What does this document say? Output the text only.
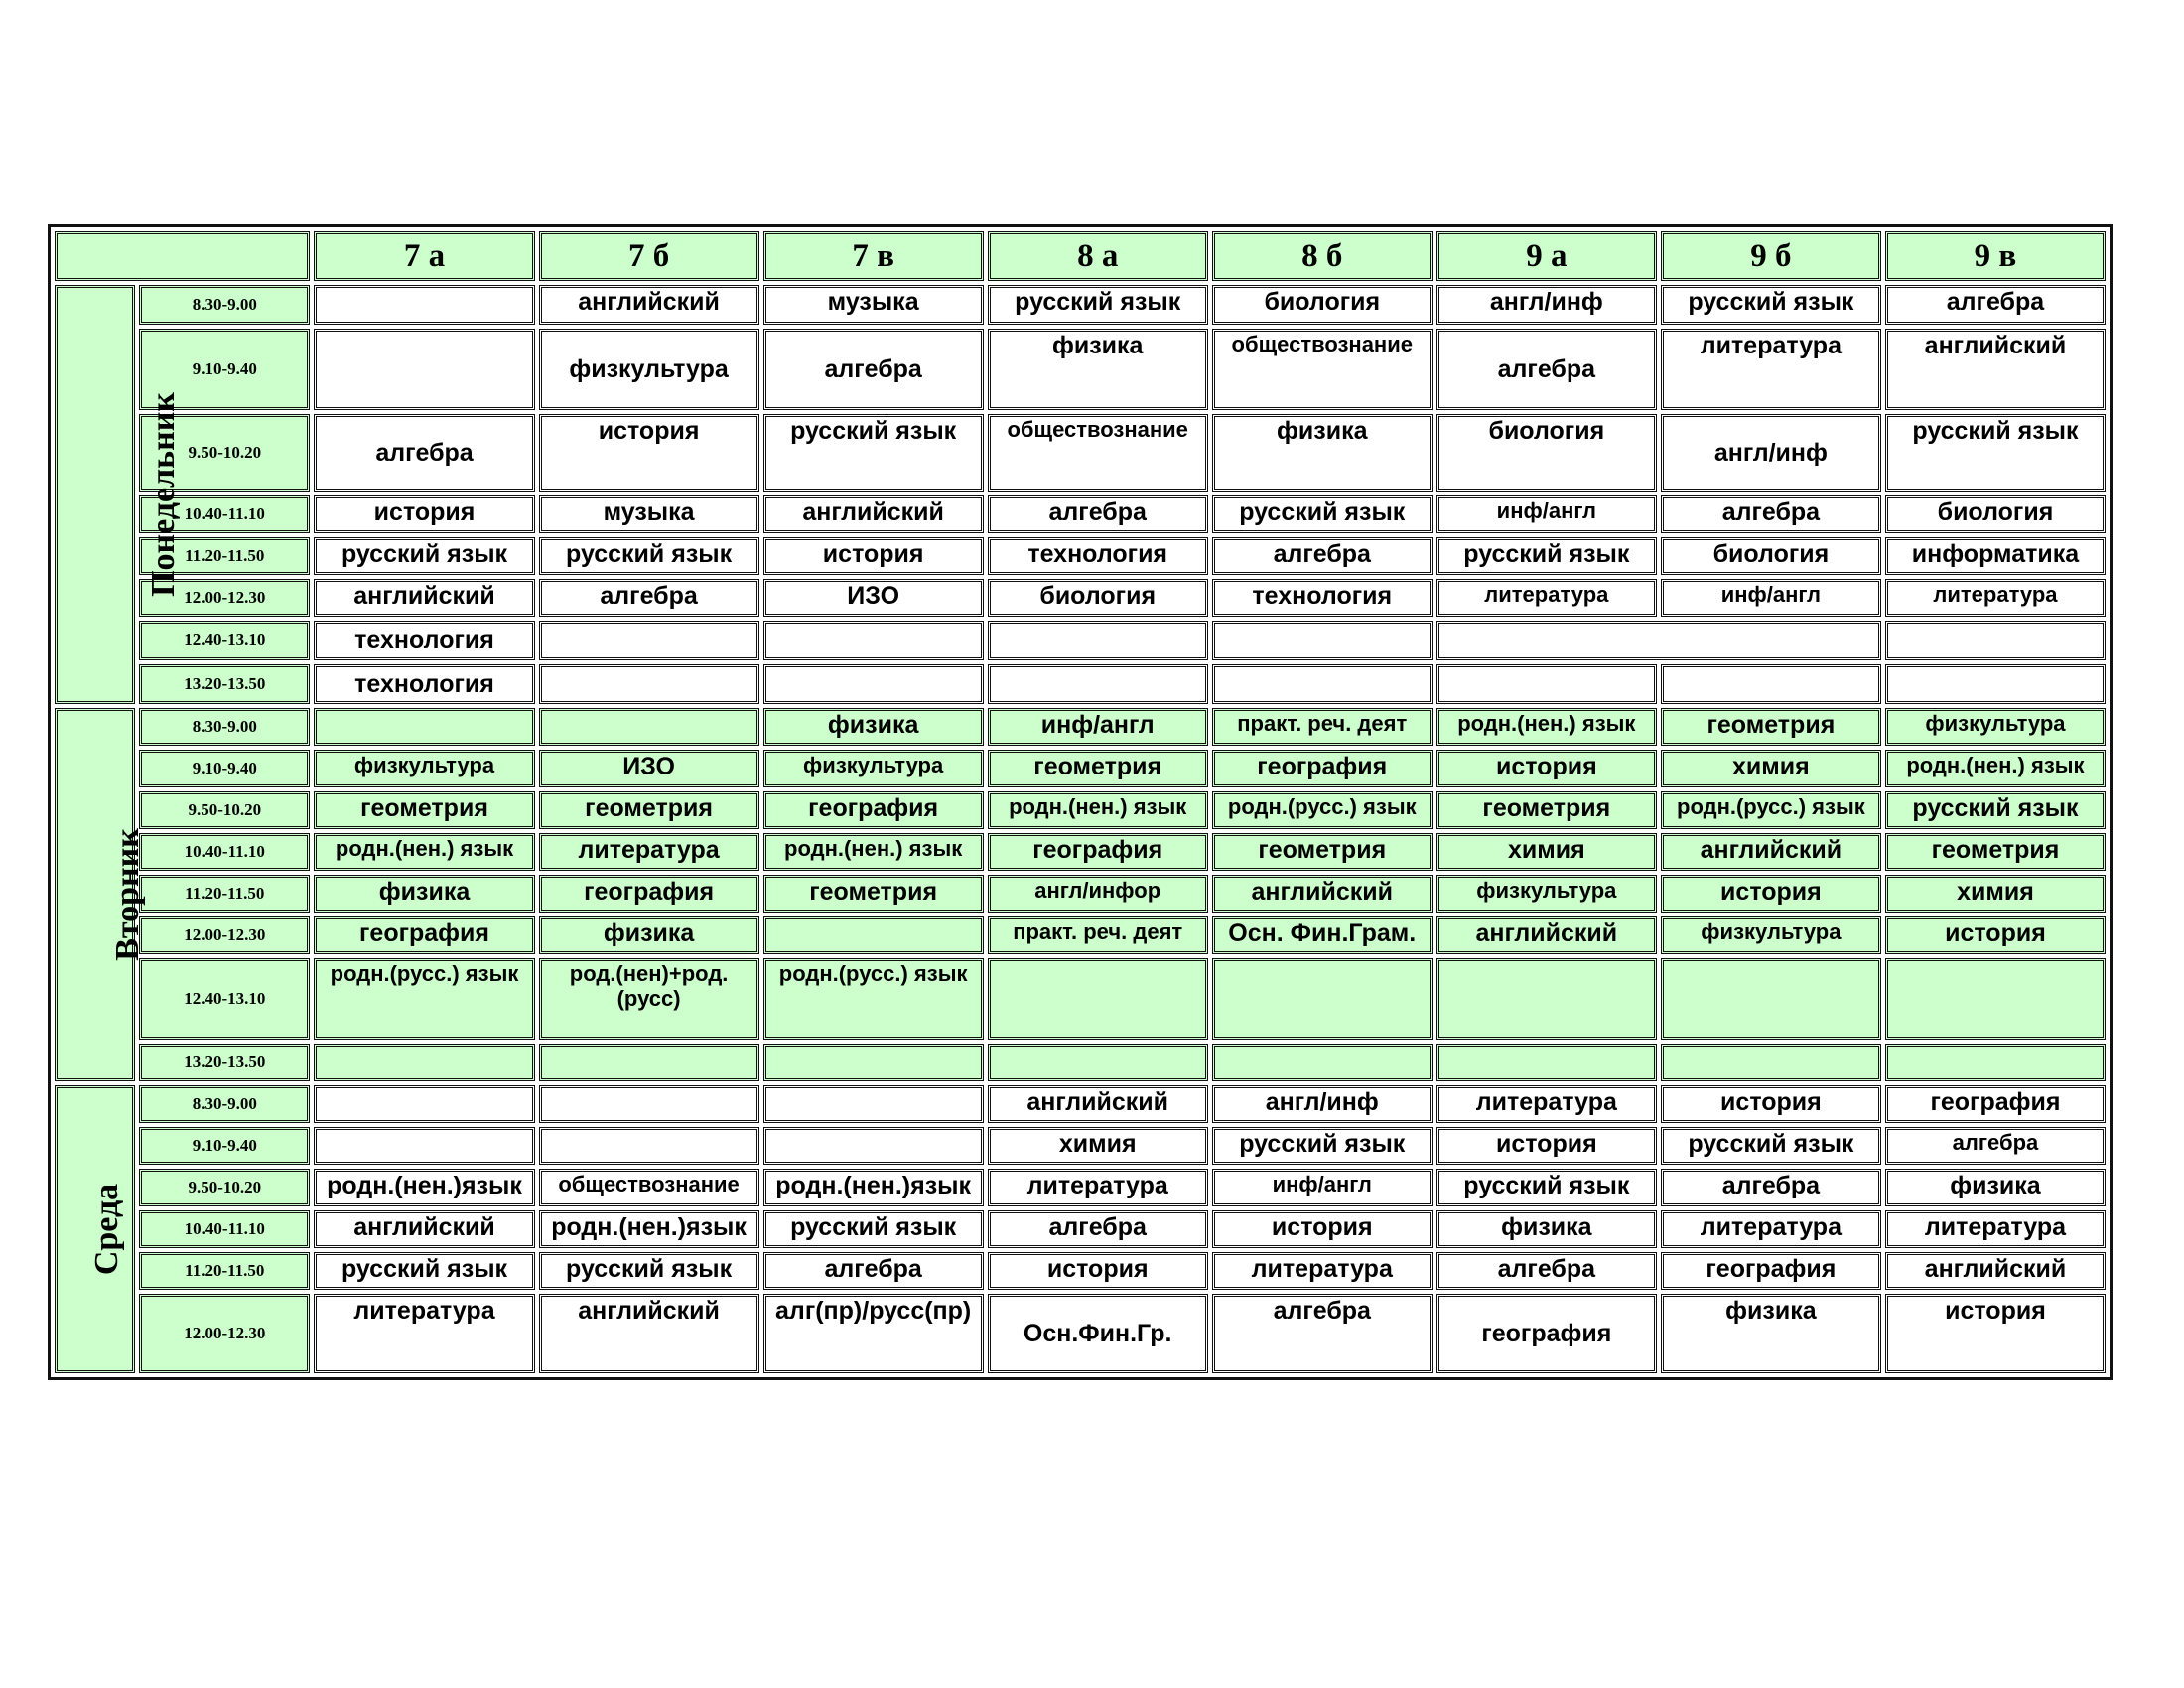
		7 а	7 б	7 в	8 а	8 б	9 а	9 б	9 в
Понедельник	8.30-9.00		английский	музыка	русский язык	биология	англ/инф	русский язык	алгебра
	9.10-9.40		физкультура	алгебра	физика	обществознание	алгебра	литература	английский
	9.50-10.20	алгебра	история	русский язык	обществознание	физика	биология	англ/инф	русский язык
	10.40-11.10	история	музыка	английский	алгебра	русский язык	инф/англ	алгебра	биология
	11.20-11.50	русский язык	русский язык	история	технология	алгебра	русский язык	биология	информатика
	12.00-12.30	английский	алгебра	ИЗО	биология	технология	литература	инф/англ	литература
	12.40-13.10	технология							
	13.20-13.50	технология							
Вторник	8.30-9.00			физика	инф/англ	практ. реч. деят	родн.(нен.) язык	геометрия	физкультура
	9.10-9.40	физкультура	ИЗО	физкультура	геометрия	география	история	химия	родн.(нен.) язык
	9.50-10.20	геометрия	геометрия	география	родн.(нен.) язык	родн.(русс.) язык	геометрия	родн.(русс.) язык	русский язык
	10.40-11.10	родн.(нен.) язык	литература	родн.(нен.) язык	география	геометрия	химия	английский	геометрия
	11.20-11.50	физика	география	геометрия	англ/инфор	английский	физкультура	история	химия
	12.00-12.30	география	физика		практ. реч. деят	Осн. Фин.Грам.	английский	физкультура	история
	12.40-13.10	родн.(русс.) язык	род.(нен)+род.(русс)	родн.(русс.) язык					
	13.20-13.50								
Среда	8.30-9.00				английский	англ/инф	литература	история	география
	9.10-9.40				химия	русский язык	история	русский язык	алгебра
	9.50-10.20	родн.(нен.)язык	обществознание	родн.(нен.)язык	литература	инф/англ	русский язык	алгебра	физика
	10.40-11.10	английский	родн.(нен.)язык	русский язык	алгебра	история	физика	литература	литература
	11.20-11.50	русский язык	русский язык	алгебра	история	литература	алгебра	география	английский
	12.00-12.30	литература	английский	алг(пр)/русс(пр)	Осн.Фин.Гр.	алгебра	география	физика	история
